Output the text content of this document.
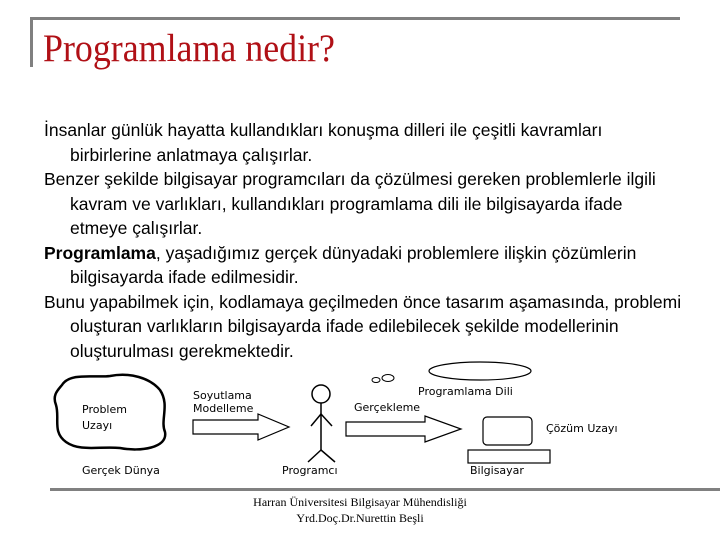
Programlama nedir?

İnsanlar günlük hayatta kullandıkları konuşma dilleri ile çeşitli kavramları birbirlerine anlatmaya çalışırlar.

Benzer şekilde bilgisayar programcıları da çözülmesi gereken problemlerle ilgili kavram ve varlıkları, kullandıkları programlama dili ile bilgisayarda ifade etmeye çalışırlar.

Programlama, yaşadığımız gerçek dünyadaki problemlere ilişkin çözümlerin bilgisayarda ifade edilmesidir.

Bunu yapabilmek için, kodlamaya geçilmeden önce tasarım aşamasında, problemi oluşturan varlıkların bilgisayarda ifade edilebilecek şekilde modellerinin oluşturulması gerekmektedir.

Problem
Uzayı
Gerçek Dünya
Soyutlama
Modelleme
Programcı
Programlama Dili
Gerçekleme
Çözüm Uzayı
Bilgisayar
Harran Üniversitesi Bilgisayar Mühendisliği
Yrd.Doç.Dr.Nurettin Beşli
